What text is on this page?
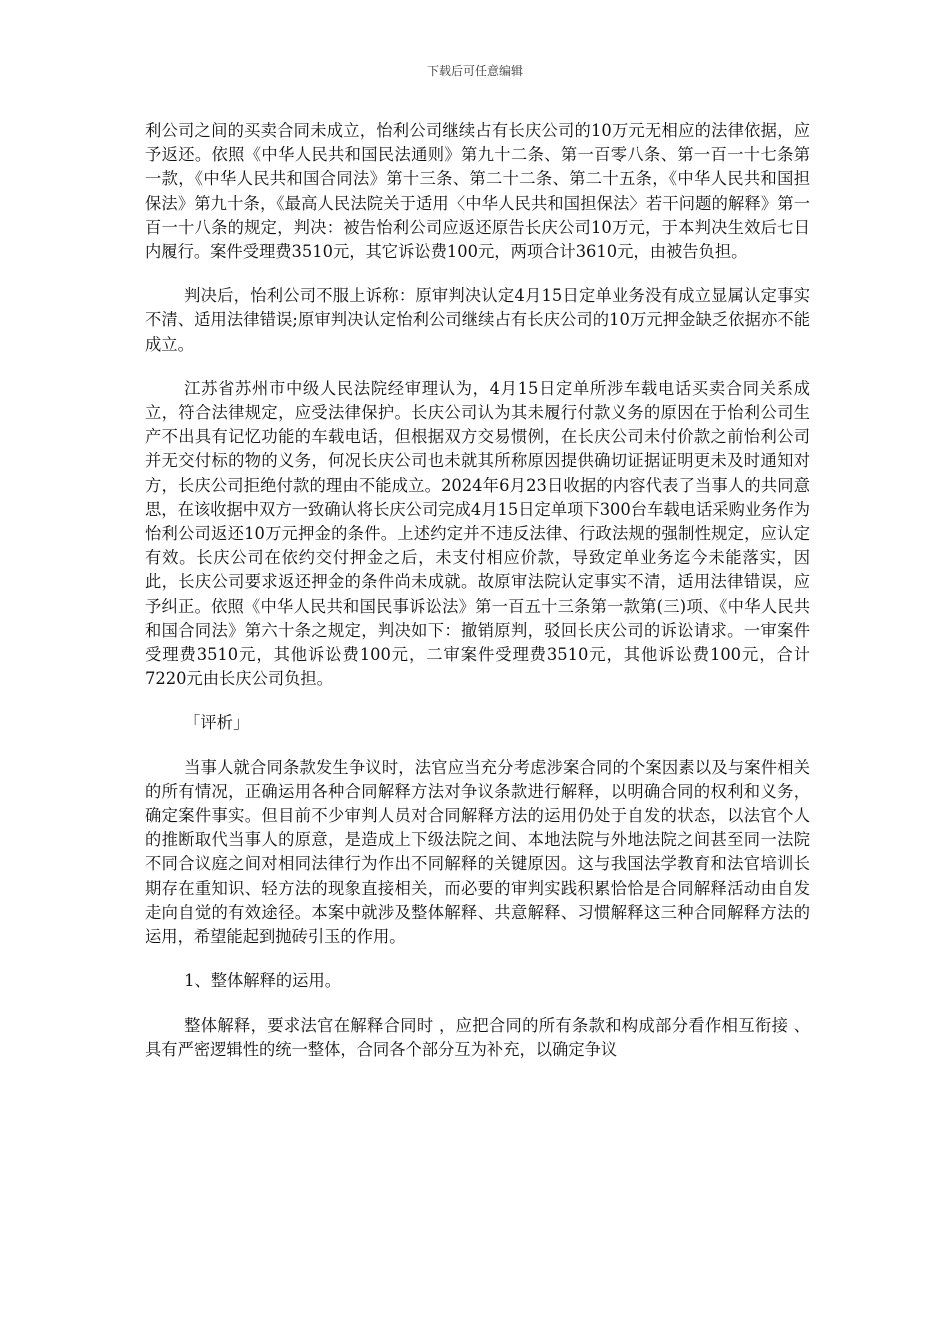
下载后可任意编辑

利公司之间的买卖合同未成立，怡利公司继续占有长庆公司的10万元无相应的法律依据，应予返还。依照《中华人民共和国民法通则》第九十二条、第一百零八条、第一百一十七条第一款，《中华人民共和国合同法》第十三条、第二十二条、第二十五条，《中华人民共和国担保法》第九十条，《最高人民法院关于适用〈中华人民共和国担保法〉若干问题的解释》第一百一十八条的规定，判决：被告怡利公司应返还原告长庆公司10万元，于本判决生效后七日内履行。案件受理费3510元，其它诉讼费100元，两项合计3610元，由被告负担。

判决后，怡利公司不服上诉称：原审判决认定4月15日定单业务没有成立显属认定事实不清、适用法律错误;原审判决认定怡利公司继续占有长庆公司的10万元押金缺乏依据亦不能成立。

江苏省苏州市中级人民法院经审理认为，4月15日定单所涉车载电话买卖合同关系成立，符合法律规定，应受法律保护。长庆公司认为其未履行付款义务的原因在于怡利公司生产不出具有记忆功能的车载电话，但根据双方交易惯例，在长庆公司未付价款之前怡利公司并无交付标的物的义务，何况长庆公司也未就其所称原因提供确切证据证明更未及时通知对方，长庆公司拒绝付款的理由不能成立。2024年6月23日收据的内容代表了当事人的共同意思，在该收据中双方一致确认将长庆公司完成4月15日定单项下300台车载电话采购业务作为怡利公司返还10万元押金的条件。上述约定并不违反法律、行政法规的强制性规定，应认定有效。长庆公司在依约交付押金之后，未支付相应价款，导致定单业务迄今未能落实，因此，长庆公司要求返还押金的条件尚未成就。故原审法院认定事实不清，适用法律错误，应予纠正。依照《中华人民共和国民事诉讼法》第一百五十三条第一款第(三)项、《中华人民共和国合同法》第六十条之规定，判决如下：撤销原判，驳回长庆公司的诉讼请求。一审案件受理费3510元，其他诉讼费100元，二审案件受理费3510元，其他诉讼费100元，合计7220元由长庆公司负担。

「评析」

当事人就合同条款发生争议时，法官应当充分考虑涉案合同的个案因素以及与案件相关的所有情况，正确运用各种合同解释方法对争议条款进行解释，以明确合同的权利和义务，确定案件事实。但目前不少审判人员对合同解释方法的运用仍处于自发的状态，以法官个人的推断取代当事人的原意，是造成上下级法院之间、本地法院与外地法院之间甚至同一法院不同合议庭之间对相同法律行为作出不同解释的关键原因。这与我国法学教育和法官培训长期存在重知识、轻方法的现象直接相关，而必要的审判实践积累恰恰是合同解释活动由自发走向自觉的有效途径。本案中就涉及整体解释、共意解释、习惯解释这三种合同解释方法的运用，希望能起到抛砖引玉的作用。

1、整体解释的运用。

整体解释，要求法官在解释合同时 ，应把合同的所有条款和构成部分看作相互衔接 、具有严密逻辑性的统一整体，合同各个部分互为补充，以确定争议
